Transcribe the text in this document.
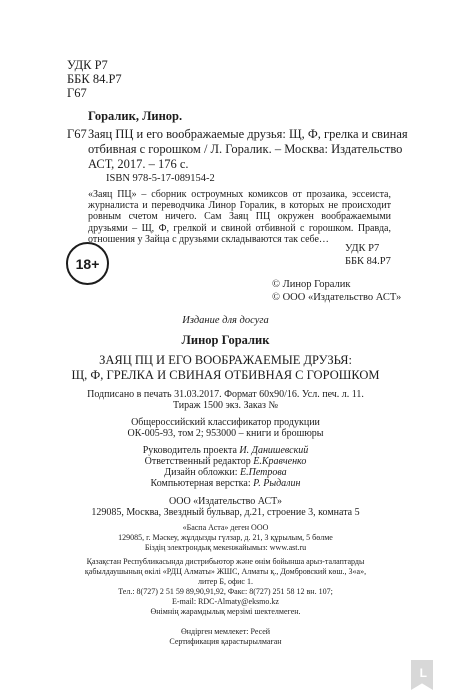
УДК Р7
ББК 84.Р7
Г67
Горалик, Линор.
Г67 Заяц ПЦ и его воображаемые друзья: Щ, Ф, грелка и свиная
отбивная с горошком / Л. Горалик. – Москва: Издательство
АСТ, 2017. – 176 с.
ISBN 978-5-17-089154-2
«Заяц ПЦ» – сборник остроумных комиксов от прозаика, эссеиста, журналиста и переводчика Линор Горалик, в которых не происходит ровным счетом ничего. Сам Заяц ПЦ окружен воображаемыми друзьями – Щ, Ф, грелкой и свиной отбивной с горошком. Правда, отношения у Зайца с друзьями складываются так себе…
УДК Р7
ББК 84.Р7
18+
© Линор Горалик
© ООО «Издательство АСТ»
Издание для досуга
Линор Горалик
ЗАЯЦ ПЦ И ЕГО ВООБРАЖАЕМЫЕ ДРУЗЬЯ:
Щ, Ф, ГРЕЛКА И СВИНАЯ ОТБИВНАЯ С ГОРОШКОМ
Подписано в печать 31.03.2017. Формат 60х90/16. Усл. печ. л. 11.
Тираж 1500 экз. Заказ №
Общероссийский классификатор продукции
ОК-005-93, том 2; 953000 – книги и брошюры
Руководитель проекта И. Данишевский
Ответственный редактор Е.Кравченко
Дизайн обложки: Е.Петрова
Компьютерная верстка: Р. Рыдалин
ООО «Издательство АСТ»
129085, Москва, Звездный бульвар, д.21, строение 3, комната 5
«Баспа Аста» деген ООО
129085, г. Мәскеу, жұлдызды гүлзар, д. 21, 3 құрылым, 5 бөлме
Біздің электрондық мекенжайымыз: www.ast.ru
Қазақстан Республикасында дистрибьютор және өнім бойынша арыз-талаптарды
қабылдаушының өкілі «РДЦ Алматы» ЖШС, Алматы қ., Домбровский көш., 3«а»,
литер Б, офис 1.
Тел.: 8(727) 2 51 59 89,90,91,92, Факс: 8(727) 251 58 12 вн. 107;
E-mail: RDC-Almaty@eksmo.kz
Өнімнің жарамдылық мерзімі шектелмеген.
Өндірген мемлекет: Ресей
Сертификация қарастырылмаған
L
